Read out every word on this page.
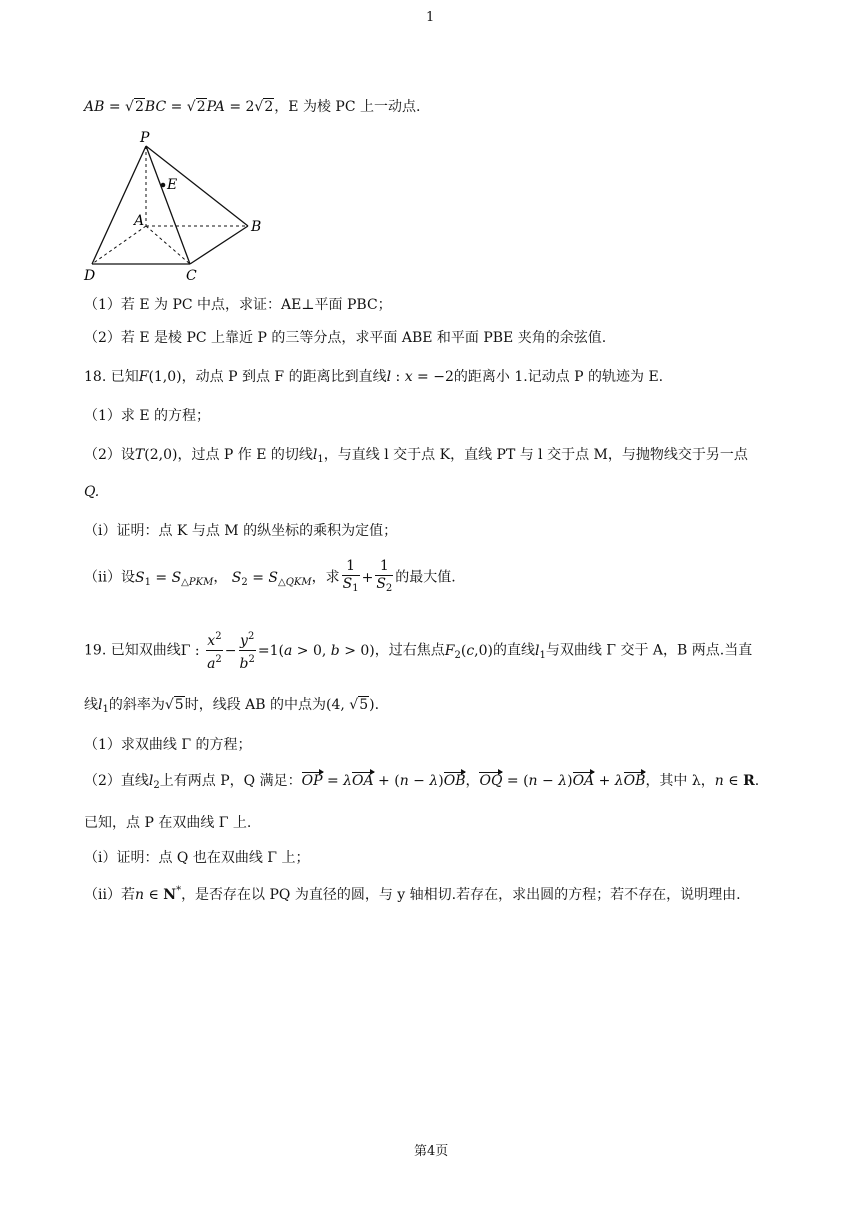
1
AB = √2BC = √2PA = 2√2，E 为棱 PC 上一动点.
P
E
A	B
C
D
（1）若 E 为 PC 中点，求证：AE⊥平面 PBC；
（2）若 E 是棱 PC 上靠近 P 的三等分点，求平面 ABE 和平面 PBE 夹角的余弦值.
18. 已知F(1,0)，动点 P 到点 F 的距离比到直线l : x = −2的距离小 1.记动点 P 的轨迹为 E.
（1）求 E 的方程；
（2）设T(2,0)，过点 P 作 E 的切线$l_1$，与直线 l 交于点 K，直线 PT 与 l 交于点 M，与抛物线交于另一点
Q.
（i）证明：点 K 与点 M 的纵坐标的乘积为定值；
（ii）设$S_1 = S_{\triangle PKM}$， $S_2 = S_{\triangle QKM}$，求 $\frac{1}{S_1} + \frac{1}{S_2}$ 的最大值.
19. 已知双曲线Γ : $\frac{x^2}{a^2} - \frac{y^2}{b^2} =1(a > 0$, b > 0)，过右焦点$F_2(c,0)$的直线$l_1$与双曲线 Γ 交于 A，B 两点.当直
线$l_1$的斜率为√5时，线段 AB 的中点为(4, √5).
（1）求双曲线 Γ 的方程；
（2）直线$l_2$上有两点 P，Q 满足：OP = λOA + (n − λ)OB，OQ = (n − λ)OA + λOB，其中 λ，n ∈ R.
已知，点 P 在双曲线 Γ 上.
（i）证明：点 Q 也在双曲线 Γ 上；
（ii）若n ∈ N*，是否存在以 PQ 为直径的圆，与 y 轴相切.若存在，求出圆的方程；若不存在，说明理由.
第4页
